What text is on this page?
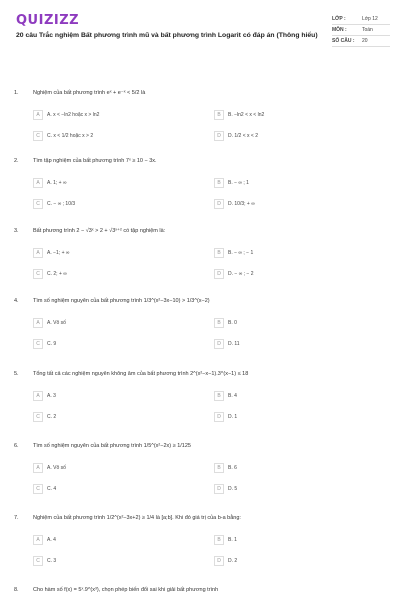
QUIZIZZ
20 câu Trắc nghiệm Bất phương trình mũ và bất phương trình Logarit có đáp án (Thông hiểu)
LỚP :	Lớp 12
MÔN :	Toán
SỐ CÂU :	20
1.	Nghiệm của bất phương trình eˣ + e⁻ˣ < 5/2 là
A	A. x < −ln2 hoặc x > ln2	B	B. −ln2 < x < ln2
C	C. x < 1/2 hoặc x > 2	D	D. 1/2 < x < 2
2.	Tìm tập nghiệm của bất phương trình 7ˣ ≥ 10 − 3x.
A	A. 1; + ∞	B	B. − ∞ ; 1
C	C. − ∞ ; 10/3	D	D. 10/3; + ∞
3.	Bất phương trình 2 − √3ˣ > 2 + √3ˣ⁺² có tập nghiệm là:
A	A. −1; + ∞	B	B. − ∞ ; − 1
C	C. 2; + ∞	D	D. − ∞ ; − 2
4.	Tìm số nghiệm nguyên của bất phương trình 1/3^(x²−3x−10) > 1/3^(x−2)
A	A. Vô số	B	B. 0
C	C. 9	D	D. 11
5.	Tổng tất cả các nghiệm nguyên không âm của bất phương trình 2^(x²−x−1).3^(x−1) ≤ 18
A	A. 3	B	B. 4
C	C. 2	D	D. 1
6.	Tìm số nghiệm nguyên của bất phương trình 1/5^(x²−2x) ≥ 1/125
A	A. Vô số	B	B. 6
C	C. 4	D	D. 5
7.	Nghiệm của bất phương trình 1/2^(x²−3x+2) ≥ 1/4 là [a;b]. Khi đó giá trị của b-a bằng:
A	A. 4	B	B. 1
C	C. 3	D	D. 2
8.	Cho hàm số f(x) = 5ˣ.9^(x³), chọn phép biến đổi sai khi giải bất phương trình
